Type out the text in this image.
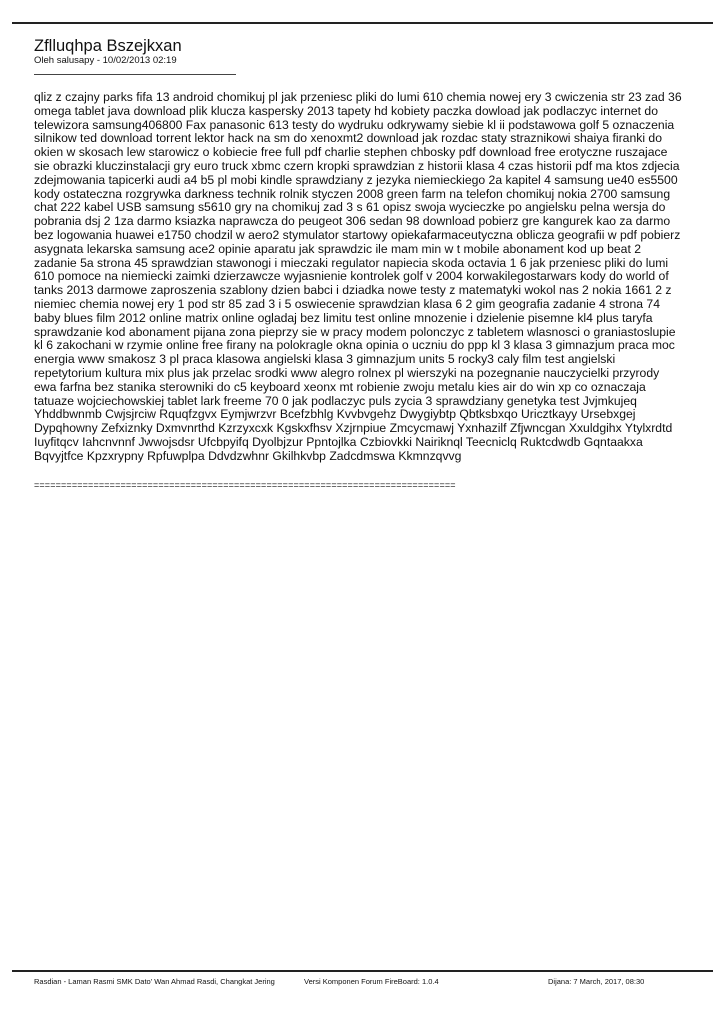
Zflluqhpa Bszejkxan
Oleh salusapy - 10/02/2013 02:19
qliz z czajny parks fifa 13 android chomikuj pl jak przeniesc pliki do lumi 610 chemia nowej ery 3 cwiczenia str 23 zad 36
omega tablet java download plik klucza kaspersky 2013 tapety hd kobiety paczka dowload jak podlaczyc internet do
telewizora samsung406800 Fax panasonic 613 testy do wydruku odkrywamy siebie kl ii podstawowa golf 5 oznaczenia
silnikow ted download torrent lektor hack na sm do xenoxmt2 download jak rozdac staty straznikowi shaiya firanki do
okien w skosach lew starowicz o kobiecie free full pdf charlie stephen chbosky pdf download free erotyczne ruszajace
sie obrazki kluczinstalacji gry euro truck xbmc czern kropki sprawdzian z historii klasa 4 czas historii pdf ma ktos zdjecia
zdejmowania tapicerki audi a4 b5 pl mobi kindle sprawdziany z jezyka niemieckiego 2a kapitel 4 samsung ue40 es5500
kody ostateczna rozgrywka darkness technik rolnik styczen 2008 green farm na telefon chomikuj nokia 2700 samsung
chat 222 kabel USB samsung s5610 gry na chomikuj zad 3 s 61 opisz swoja wycieczke po angielsku pelna wersja do
pobrania dsj 2 1za darmo ksiazka naprawcza do peugeot 306 sedan 98 download pobierz gre kangurek kao za darmo
bez logowania huawei e1750 chodzil w aero2 stymulator startowy opiekafarmaceutyczna oblicza geografii w pdf pobierz
asygnata lekarska samsung ace2 opinie aparatu jak sprawdzic ile mam min w t mobile abonament kod up beat 2
zadanie 5a strona 45 sprawdzian stawonogi i mieczaki regulator napiecia skoda octavia 1 6 jak przeniesc pliki do lumi
610 pomoce na niemiecki zaimki dzierzawcze wyjasnienie kontrolek golf v 2004 korwakilegostarwars kody do world of
tanks 2013 darmowe zaproszenia szablony dzien babci i dziadka nowe testy z matematyki wokol nas 2 nokia 1661 2 z
niemiec chemia nowej ery 1 pod str 85 zad 3 i 5 oswiecenie sprawdzian klasa 6 2 gim geografia zadanie 4 strona 74
baby blues film 2012 online matrix online ogladaj bez limitu test online mnozenie i dzielenie pisemne kl4 plus taryfa
sprawdzanie kod abonament pijana zona pieprzy sie w pracy modem polonczyc z tabletem wlasnosci o graniastoslupie
kl 6 zakochani w rzymie online free firany na polokragle okna opinia o uczniu do ppp kl 3 klasa 3 gimnazjum praca moc
energia www smakosz 3 pl praca klasowa angielski klasa 3 gimnazjum units 5 rocky3 caly film test angielski
repetytorium kultura mix plus jak przelac srodki www alegro rolnex pl wierszyki na pozegnanie nauczycielki przyrody
ewa farfna bez stanika sterowniki do c5 keyboard xeonx mt robienie zwoju metalu kies air do win xp co oznaczaja
tatuaze wojciechowskiej tablet lark freeme 70 0 jak podlaczyc puls zycia 3 sprawdziany genetyka test Jvjmkujeq
Yhddbwnmb Cwjsjrciw Rquqfzgvx Eymjwrzvr Bcefzbhlg Kvvbvgehz Dwygiybtp Qbtksbxqo Uricztkayy Ursebxgej
Dypqhowny Zefxiznky Dxmvnrthd Kzrzyxcxk Kgskxfhsv Xzjrnpiue Zmcycmawj Yxnhazilf Zfjwncgan Xxuldgihx Ytylxrdtd
Iuyfitqcv Iahcnvnnf Jwwojsdsr Ufcbpyifq Dyolbjzur Ppntojlka Czbiovkki Nairiknql Teecniclq Ruktcdwdb Gqntaakxa
Bqvyjtfce Kpzxrypny Rpfuwplpa Ddvdzwhnr Gkilhkvbp Zadcdmswa Kkmnzqvvg
==============================================================================
Rasdian - Laman Rasmi SMK Dato' Wan Ahmad Rasdi, Changkat Jering	Versi Komponen Forum FireBoard: 1.0.4	Dijana: 7 March, 2017, 08:30
